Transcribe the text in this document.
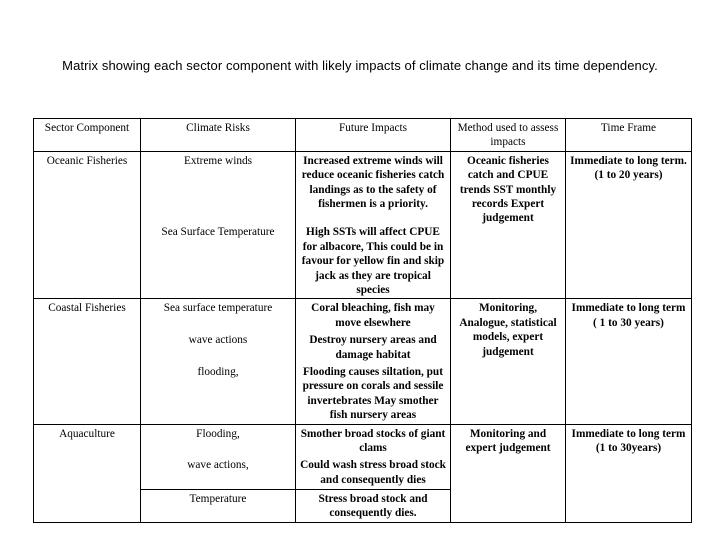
Matrix showing each sector component with likely impacts of climate change and its time dependency.
Sector Component	Climate Risks	Future Impacts	Method used to assess impacts	Time Frame
Oceanic Fisheries	Extreme winds	Increased extreme winds will reduce oceanic fisheries catch landings as to the safety of fishermen is a priority.	Oceanic fisheries catch and CPUE trends SST monthly records Expert judgement	Immediate to long term. (1 to 20 years)
	Sea Surface Temperature	High SSTs will affect CPUE for albacore, This could be in favour for yellow fin and skip jack as they are tropical species		
Coastal Fisheries	Sea surface temperature	Coral bleaching, fish may move elsewhere	Monitoring, Analogue, statistical models, expert judgement	Immediate to long term ( 1 to 30 years)
	wave actions	Destroy nursery areas and damage habitat		
	flooding,	Flooding causes siltation, put pressure on corals and sessile invertebrates May smother fish nursery areas		
Aquaculture	Flooding,	Smother broad stocks of giant clams	Monitoring and expert judgement	Immediate to long term (1 to 30years)
	wave actions,	Could wash stress broad stock and consequently dies		
	Temperature	Stress broad stock and consequently dies.		
